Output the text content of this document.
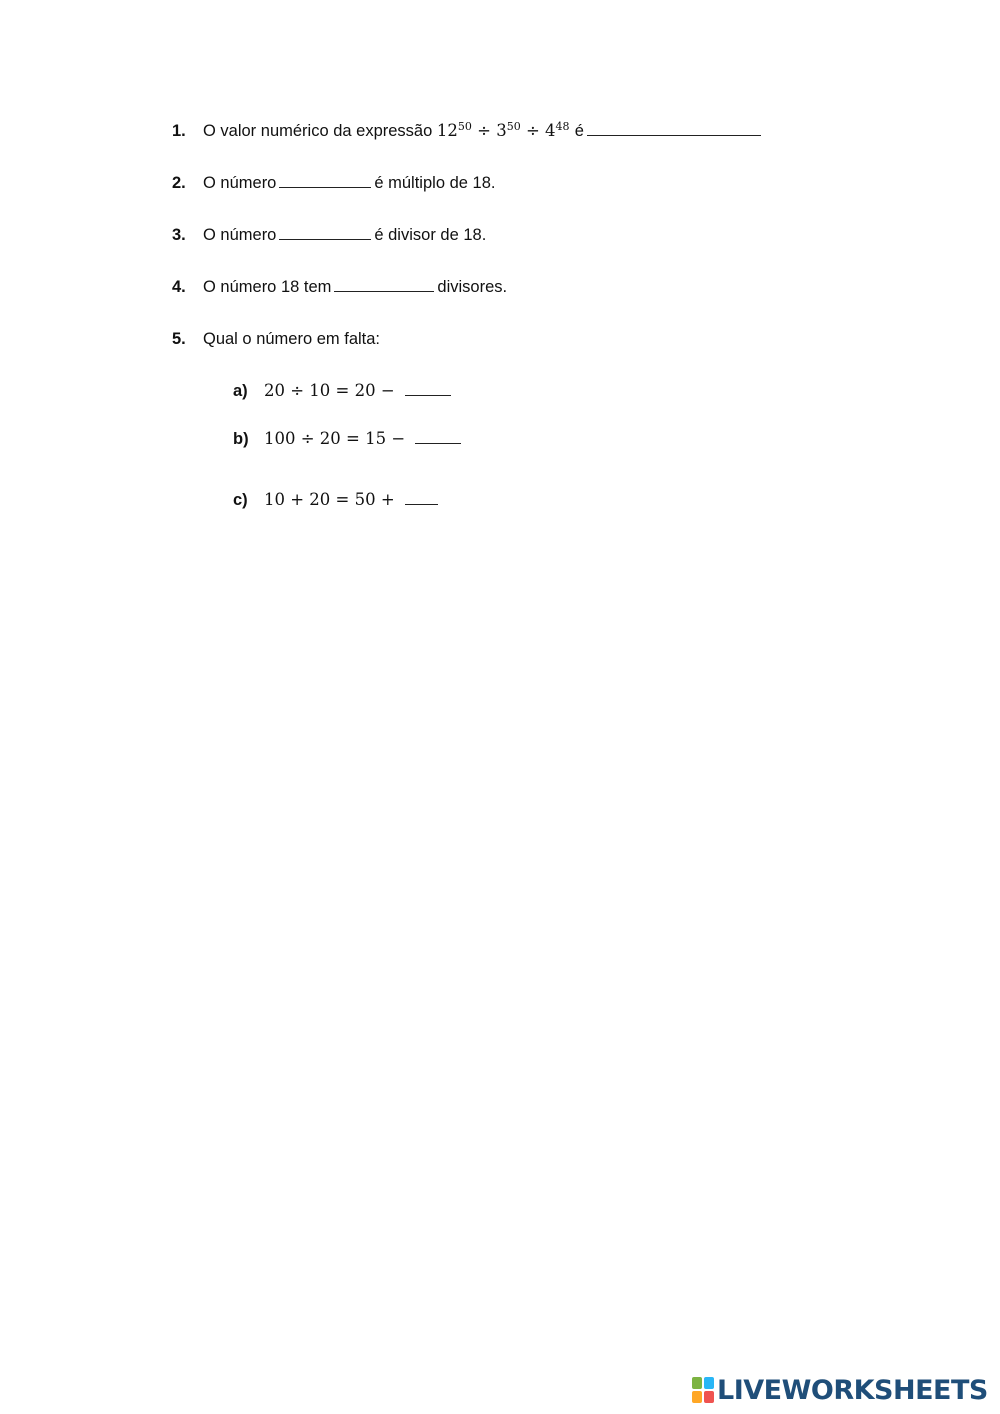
1. O valor numérico da expressão $12^{50} \div 3^{50} \div 4^{48}$ é
2. O número	é múltiplo de 18.
3. O número	é divisor de 18.
4. O número 18 tem	divisores.
5. Qual o número em falta:
a) 20 ÷ 10 = 20 −
b) 100 ÷ 20 = 15 −
c) 10 + 20 = 50 +
LIVEWORKSHEETS
